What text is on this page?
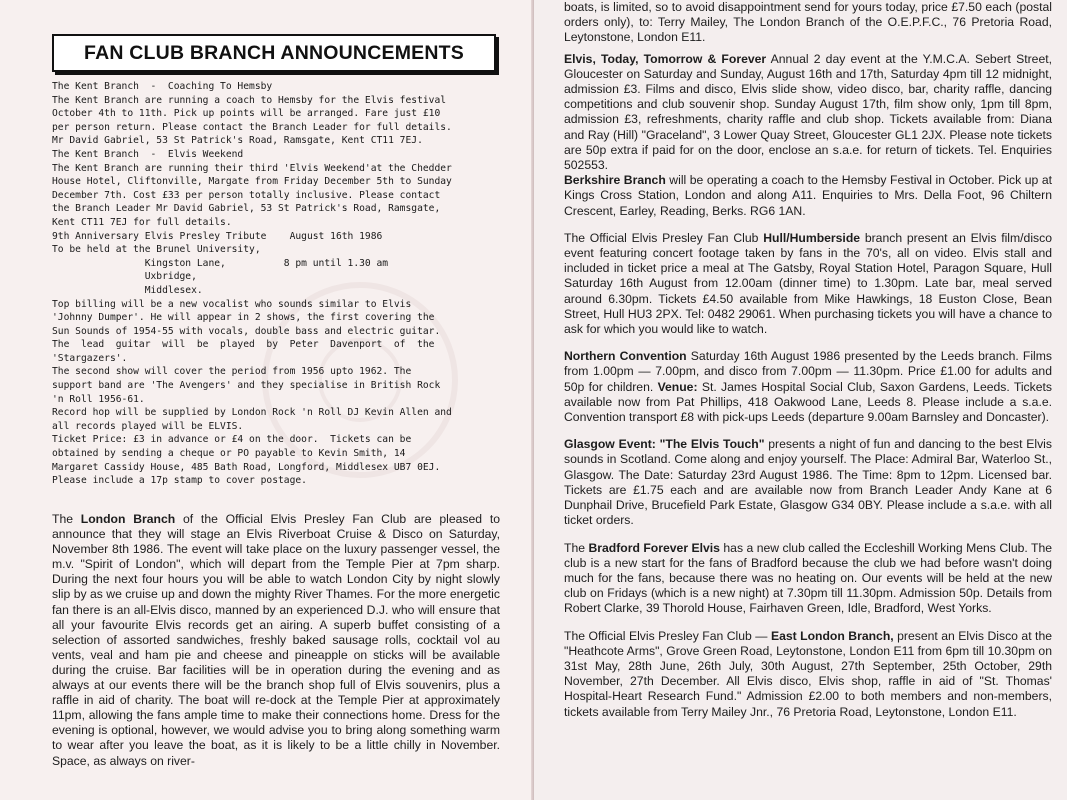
FAN CLUB BRANCH ANNOUNCEMENTS
The Kent Branch  -  Coaching To Hemsby
The Kent Branch are running a coach to Hemsby for the Elvis festival
October 4th to 11th. Pick up points will be arranged. Fare just £10
per person return. Please contact the Branch Leader for full details.
Mr David Gabriel, 53 St Patrick's Road, Ramsgate, Kent CT11 7EJ.
The Kent Branch  -  Elvis Weekend
The Kent Branch are running their third 'Elvis Weekend'at the Chedder
House Hotel, Cliftonville, Margate from Friday December 5th to Sunday
December 7th. Cost £33 per person totally inclusive. Please contact
the Branch Leader Mr David Gabriel, 53 St Patrick's Road, Ramsgate,
Kent CT11 7EJ for full details.
9th Anniversary Elvis Presley Tribute    August 16th 1986
To be held at the Brunel University,
Kingston Lane,          8 pm until 1.30 am
Uxbridge,
Middlesex.
Top billing will be a new vocalist who sounds similar to Elvis
'Johnny Dumper'. He will appear in 2 shows, the first covering the
Sun Sounds of 1954-55 with vocals, double bass and electric guitar.
The  lead  guitar  will  be  played  by  Peter  Davenport  of  the
'Stargazers'.
The second show will cover the period from 1956 upto 1962. The
support band are 'The Avengers' and they specialise in British Rock
'n Roll 1956-61.
Record hop will be supplied by London Rock 'n Roll DJ Kevin Allen and
all records played will be ELVIS.
Ticket Price: £3 in advance or £4 on the door.  Tickets can be
obtained by sending a cheque or PO payable to Kevin Smith, 14
Margaret Cassidy House, 485 Bath Road, Longford, Middlesex UB7 0EJ.
Please include a 17p stamp to cover postage.
The London Branch of the Official Elvis Presley Fan Club are pleased to announce that they will stage an Elvis Riverboat Cruise & Disco on Saturday, November 8th 1986. The event will take place on the luxury passenger vessel, the m.v. "Spirit of London", which will depart from the Temple Pier at 7pm sharp. During the next four hours you will be able to watch London City by night slowly slip by as we cruise up and down the mighty River Thames. For the more energetic fan there is an all-Elvis disco, manned by an experienced D.J. who will ensure that all your favourite Elvis records get an airing. A superb buffet consisting of a selection of assorted sandwiches, freshly baked sausage rolls, cocktail vol au vents, veal and ham pie and cheese and pineapple on sticks will be available during the cruise. Bar facilities will be in operation during the evening and as always at our events there will be the branch shop full of Elvis souvenirs, plus a raffle in aid of charity. The boat will re-dock at the Temple Pier at approximately 11pm, allowing the fans ample time to make their connections home. Dress for the evening is optional, however, we would advise you to bring along something warm to wear after you leave the boat, as it is likely to be a little chilly in November. Space, as always on river-

boats, is limited, so to avoid disappointment send for yours today, price £7.50 each (postal orders only), to: Terry Mailey, The London Branch of the O.E.P.F.C., 76 Pretoria Road, Leytonstone, London E11.

Elvis, Today, Tomorrow & Forever Annual 2 day event at the Y.M.C.A. Sebert Street, Gloucester on Saturday and Sunday, August 16th and 17th, Saturday 4pm till 12 midnight, admission £3. Films and disco, Elvis slide show, video disco, bar, charity raffle, dancing competitions and club souvenir shop. Sunday August 17th, film show only, 1pm till 8pm, admission £3, refreshments, charity raffle and club shop. Tickets available from: Diana and Ray (Hill) "Graceland", 3 Lower Quay Street, Gloucester GL1 2JX. Please note tickets are 50p extra if paid for on the door, enclose an s.a.e. for return of tickets. Tel. Enquiries 502553.

Berkshire Branch will be operating a coach to the Hemsby Festival in October. Pick up at Kings Cross Station, London and along A11. Enquiries to Mrs. Della Foot, 96 Chiltern Crescent, Earley, Reading, Berks. RG6 1AN.

The Official Elvis Presley Fan Club Hull/Humberside branch present an Elvis film/disco event featuring concert footage taken by fans in the 70's, all on video. Elvis stall and included in ticket price a meal at The Gatsby, Royal Station Hotel, Paragon Square, Hull Saturday 16th August from 12.00am (dinner time) to 1.30pm. Late bar, meal served around 6.30pm. Tickets £4.50 available from Mike Hawkings, 18 Euston Close, Bean Street, Hull HU3 2PX. Tel: 0482 29061. When purchasing tickets you will have a chance to ask for which you would like to watch.

Northern Convention Saturday 16th August 1986 presented by the Leeds branch. Films from 1.00pm — 7.00pm, and disco from 7.00pm — 11.30pm. Price £1.00 for adults and 50p for children. Venue: St. James Hospital Social Club, Saxon Gardens, Leeds. Tickets available now from Pat Phillips, 418 Oakwood Lane, Leeds 8. Please include a s.a.e. Convention transport £8 with pick-ups Leeds (departure 9.00am Barnsley and Doncaster).

Glasgow Event: "The Elvis Touch" presents a night of fun and dancing to the best Elvis sounds in Scotland. Come along and enjoy yourself. The Place: Admiral Bar, Waterloo St., Glasgow. The Date: Saturday 23rd August 1986. The Time: 8pm to 12pm. Licensed bar. Tickets are £1.75 each and are available now from Branch Leader Andy Kane at 6 Dunphail Drive, Brucefield Park Estate, Glasgow G34 0BY. Please include a s.a.e. with all ticket orders.

The Bradford Forever Elvis has a new club called the Eccleshill Working Mens Club. The club is a new start for the fans of Bradford because the club we had before wasn't doing much for the fans, because there was no heating on. Our events will be held at the new club on Fridays (which is a new night) at 7.30pm till 11.30pm. Admission 50p. Details from Robert Clarke, 39 Thorold House, Fairhaven Green, Idle, Bradford, West Yorks.

The Official Elvis Presley Fan Club — East London Branch, present an Elvis Disco at the "Heathcote Arms", Grove Green Road, Leytonstone, London E11 from 6pm till 10.30pm on 31st May, 28th June, 26th July, 30th August, 27th September, 25th October, 29th November, 27th December. All Elvis disco, Elvis shop, raffle in aid of "St. Thomas' Hospital-Heart Research Fund." Admission £2.00 to both members and non-members, tickets available from Terry Mailey Jnr., 76 Pretoria Road, Leytonstone, London E11.
